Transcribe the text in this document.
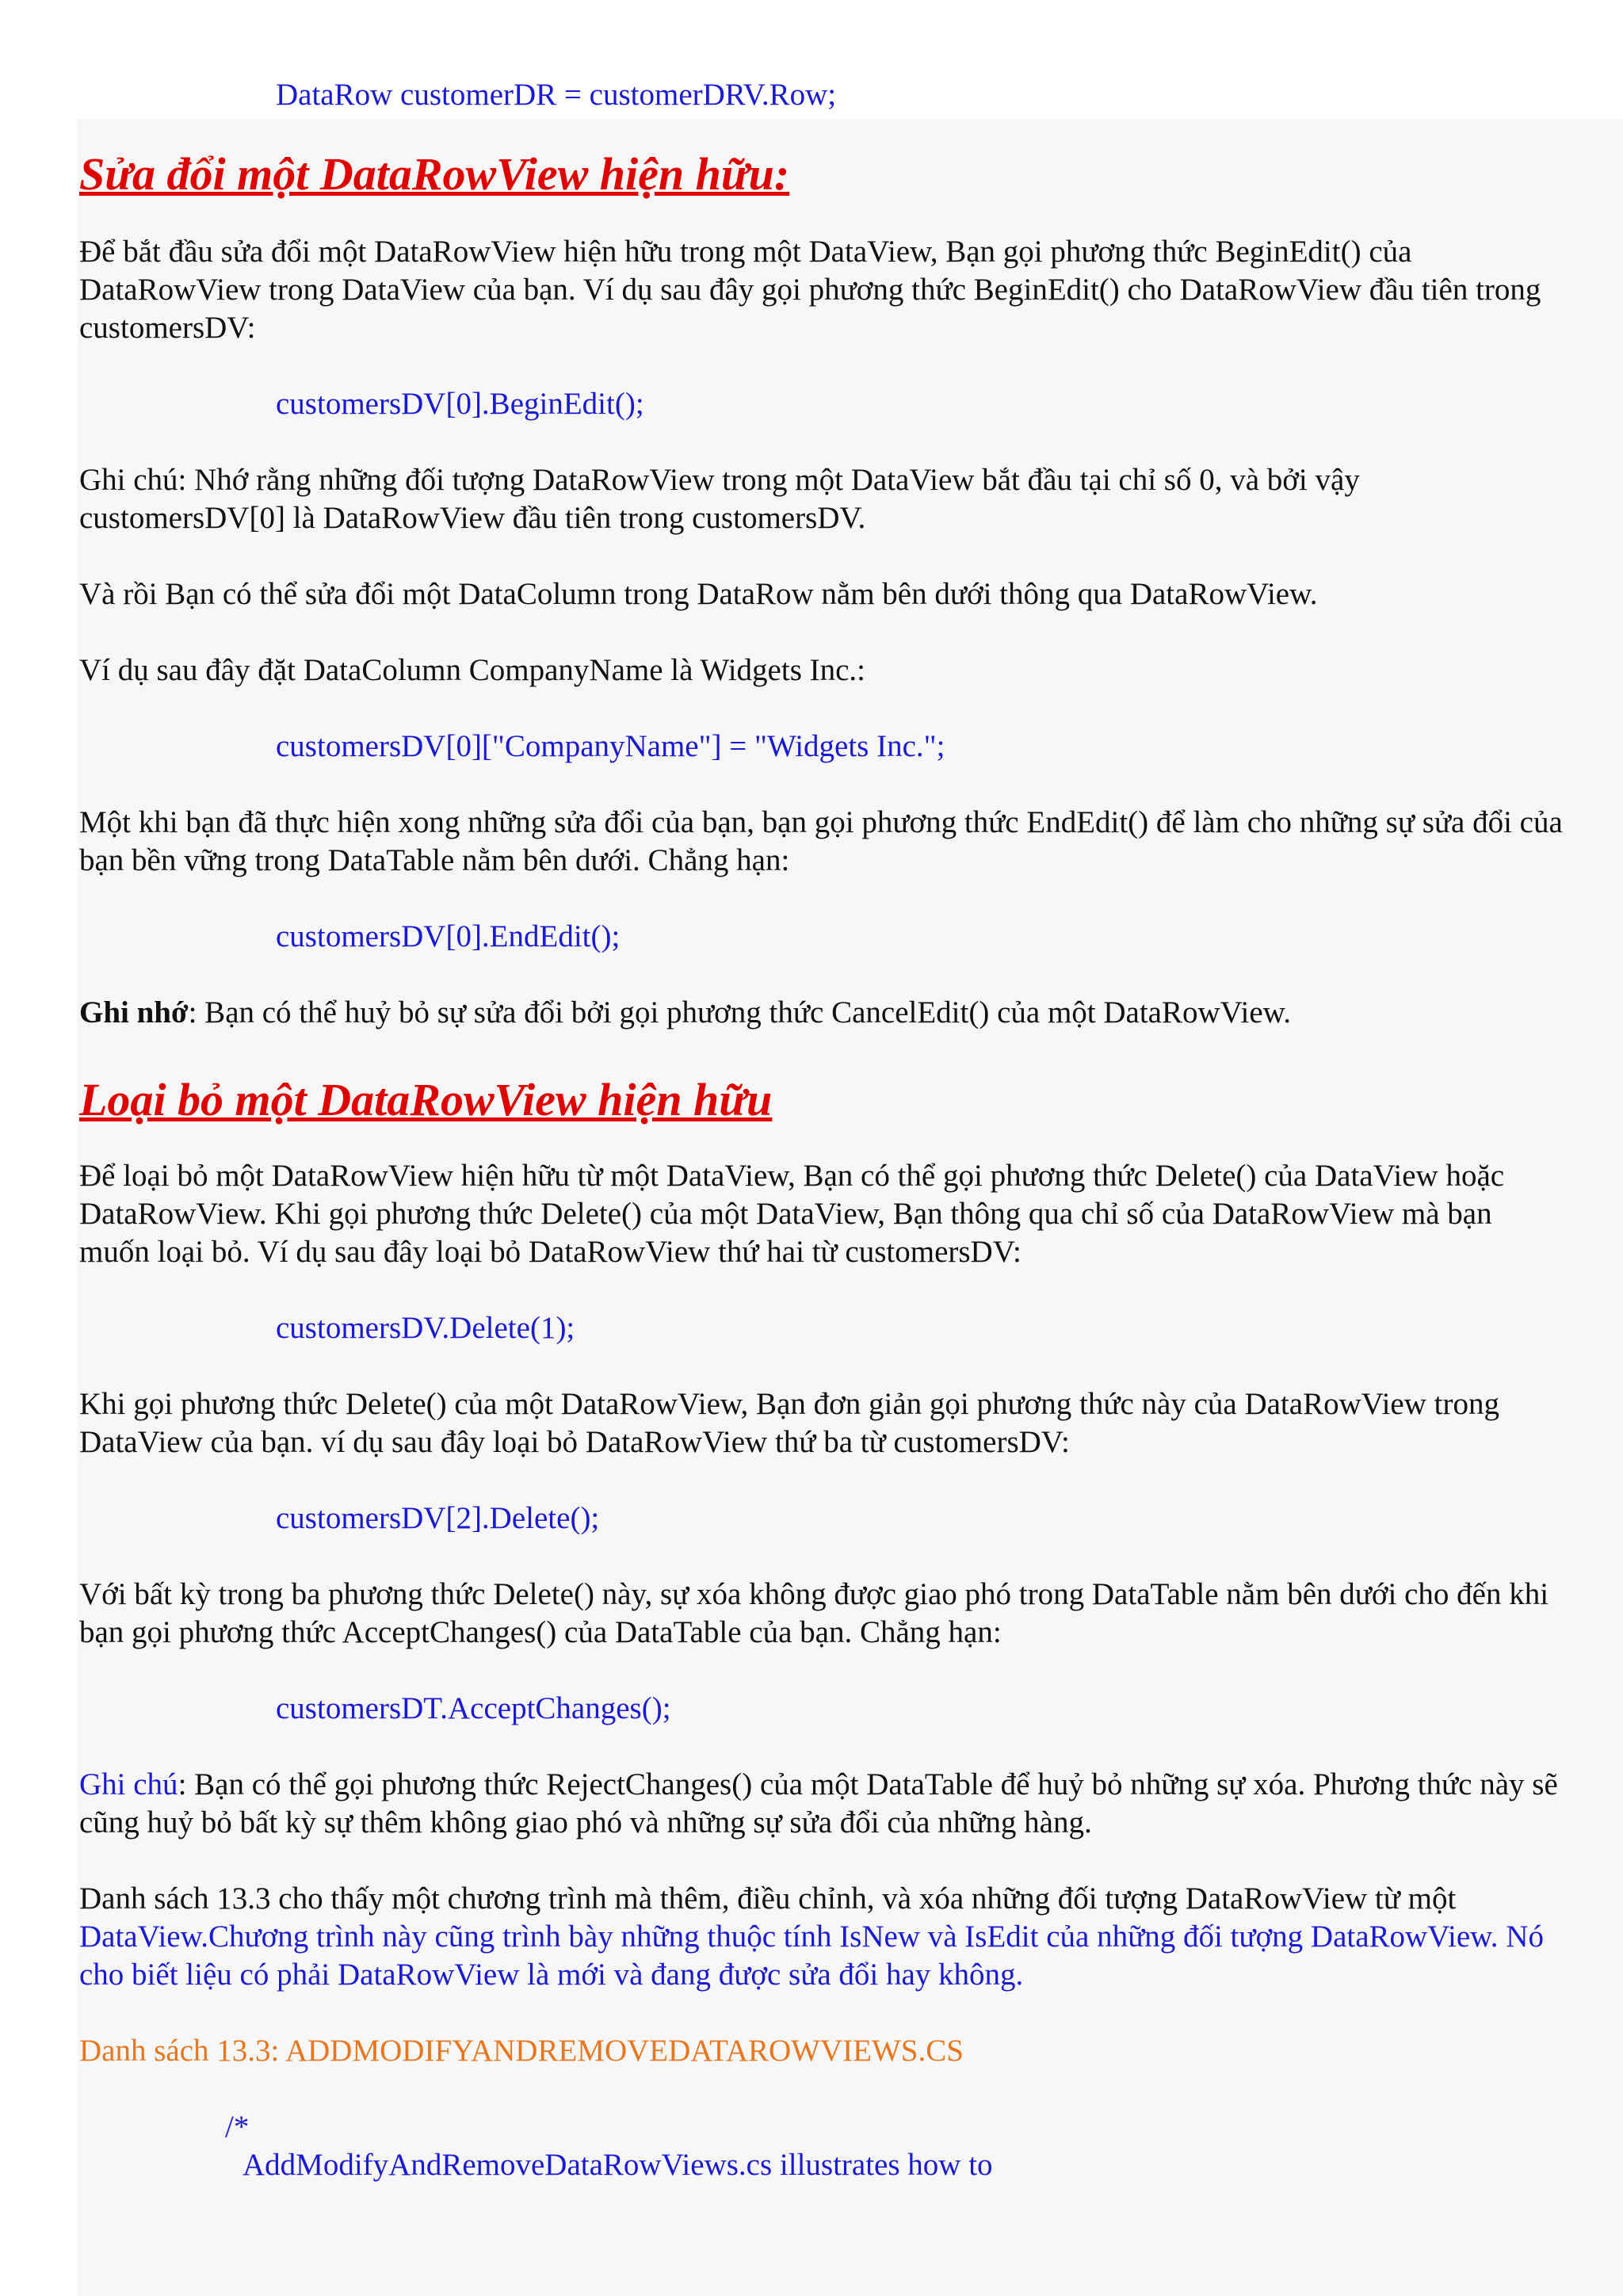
DataRow customerDR = customerDRV.Row;

Sửa đổi một DataRowView hiện hữu:

Để bắt đầu sửa đổi một DataRowView hiện hữu trong một DataView, Bạn gọi phương thức BeginEdit() của DataRowView trong DataView của bạn. Ví dụ sau đây gọi phương thức BeginEdit() cho DataRowView đầu tiên trong customersDV:

customersDV[0].BeginEdit();

Ghi chú: Nhớ rằng những đối tượng DataRowView trong một DataView bắt đầu tại chỉ số 0, và bởi vậy customersDV[0] là DataRowView đầu tiên trong customersDV.

Và rồi Bạn có thể sửa đổi một DataColumn trong DataRow nằm bên dưới thông qua DataRowView.

Ví dụ sau đây đặt DataColumn CompanyName là Widgets Inc.:

customersDV[0]["CompanyName"] = "Widgets Inc.";

Một khi bạn đã thực hiện xong những sửa đổi của bạn, bạn gọi phương thức EndEdit() để làm cho những sự sửa đổi của bạn bền vững trong DataTable nằm bên dưới. Chẳng hạn:

customersDV[0].EndEdit();

Ghi nhớ: Bạn có thể huỷ bỏ sự sửa đổi bởi gọi phương thức CancelEdit() của một DataRowView.

Loại bỏ một DataRowView hiện hữu

Để loại bỏ một DataRowView hiện hữu từ một DataView, Bạn có thể gọi phương thức Delete() của DataView hoặc DataRowView. Khi gọi phương thức Delete() của một DataView, Bạn thông qua chỉ số của DataRowView mà bạn muốn loại bỏ. Ví dụ sau đây loại bỏ DataRowView thứ hai từ customersDV:

customersDV.Delete(1);

Khi gọi phương thức Delete() của một DataRowView, Bạn đơn giản gọi phương thức này của DataRowView trong DataView của bạn. ví dụ sau đây loại bỏ DataRowView thứ ba từ customersDV:

customersDV[2].Delete();

Với bất kỳ trong ba phương thức Delete() này, sự xóa không được giao phó trong DataTable nằm bên dưới cho đến khi bạn gọi phương thức AcceptChanges() của DataTable của bạn. Chẳng hạn:

customersDT.AcceptChanges();

Ghi chú: Bạn có thể gọi phương thức RejectChanges() của một DataTable để huỷ bỏ những sự xóa. Phương thức này sẽ cũng huỷ bỏ bất kỳ sự thêm không giao phó và những sự sửa đổi của những hàng.

Danh sách 13.3 cho thấy một chương trình mà thêm, điều chỉnh, và xóa những đối tượng DataRowView từ một DataView.Chương trình này cũng trình bày những thuộc tính IsNew và IsEdit của những đối tượng DataRowView. Nó cho biết liệu có phải DataRowView là mới và đang được sửa đổi hay không.

Danh sách 13.3: ADDMODIFYANDREMOVEDATAROWVIEWS.CS

/*

AddModifyAndRemoveDataRowViews.cs illustrates how to
